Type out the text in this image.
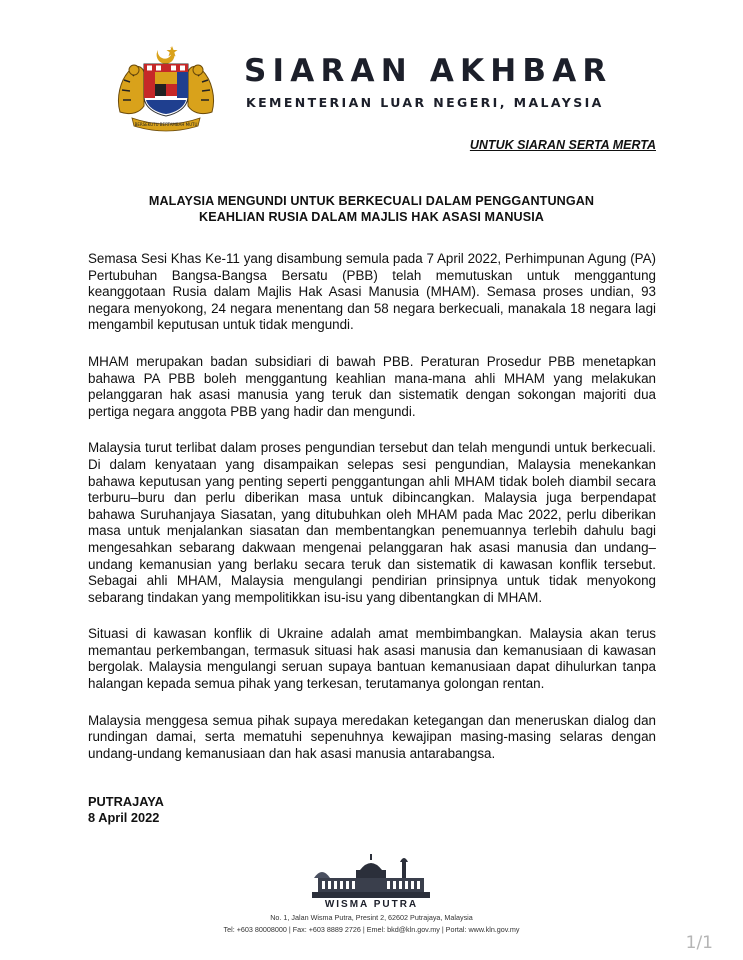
BERSEKUTU BERTAMBAH MUTU
SIARAN AKHBAR
KEMENTERIAN LUAR NEGERI, MALAYSIA
UNTUK SIARAN SERTA MERTA
MALAYSIA MENGUNDI UNTUK BERKECUALI DALAM PENGGANTUNGAN
KEAHLIAN RUSIA DALAM MAJLIS HAK ASASI MANUSIA

Semasa Sesi Khas Ke-11 yang disambung semula pada 7 April 2022, Perhimpunan Agung (PA) Pertubuhan Bangsa-Bangsa Bersatu (PBB) telah memutuskan untuk menggantung keanggotaan Rusia dalam Majlis Hak Asasi Manusia (MHAM). Semasa proses undian, 93 negara menyokong, 24 negara menentang dan 58 negara berkecuali, manakala 18 negara lagi mengambil keputusan untuk tidak mengundi.

MHAM merupakan badan subsidiari di bawah PBB. Peraturan Prosedur PBB menetapkan bahawa PA PBB boleh menggantung keahlian mana-mana ahli MHAM yang melakukan pelanggaran hak asasi manusia yang teruk dan sistematik dengan sokongan majoriti dua pertiga negara anggota PBB yang hadir dan mengundi.

Malaysia turut terlibat dalam proses pengundian tersebut dan telah mengundi untuk berkecuali. Di dalam kenyataan yang disampaikan selepas sesi pengundian, Malaysia menekankan bahawa keputusan yang penting seperti penggantungan ahli MHAM tidak boleh diambil secara terburu–buru dan perlu diberikan masa untuk dibincangkan. Malaysia juga berpendapat bahawa Suruhanjaya Siasatan, yang ditubuhkan oleh MHAM pada Mac 2022, perlu diberikan masa untuk menjalankan siasatan dan membentangkan penemuannya terlebih dahulu bagi mengesahkan sebarang dakwaan mengenai pelanggaran hak asasi manusia dan undang–undang kemanusian yang berlaku secara teruk dan sistematik di kawasan konflik tersebut. Sebagai ahli MHAM, Malaysia mengulangi pendirian prinsipnya untuk tidak menyokong sebarang tindakan yang mempolitikkan isu-isu yang dibentangkan di MHAM.

Situasi di kawasan konflik di Ukraine adalah amat membimbangkan. Malaysia akan terus memantau perkembangan, termasuk situasi hak asasi manusia dan kemanusiaan di kawasan bergolak. Malaysia mengulangi seruan supaya bantuan kemanusiaan dapat dihulurkan tanpa halangan kepada semua pihak yang terkesan, terutamanya golongan rentan.

Malaysia menggesa semua pihak supaya meredakan ketegangan dan meneruskan dialog dan rundingan damai, serta mematuhi sepenuhnya kewajipan masing-masing selaras dengan undang-undang kemanusiaan dan hak asasi manusia antarabangsa.

PUTRAJAYA
8 April 2022
WISMA PUTRA
No. 1, Jalan Wisma Putra, Presint 2, 62602 Putrajaya, Malaysia
Tel: +603 80008000 | Fax: +603 8889 2726 | Emel: bkd@kln.gov.my | Portal: www.kln.gov.my
1/1
